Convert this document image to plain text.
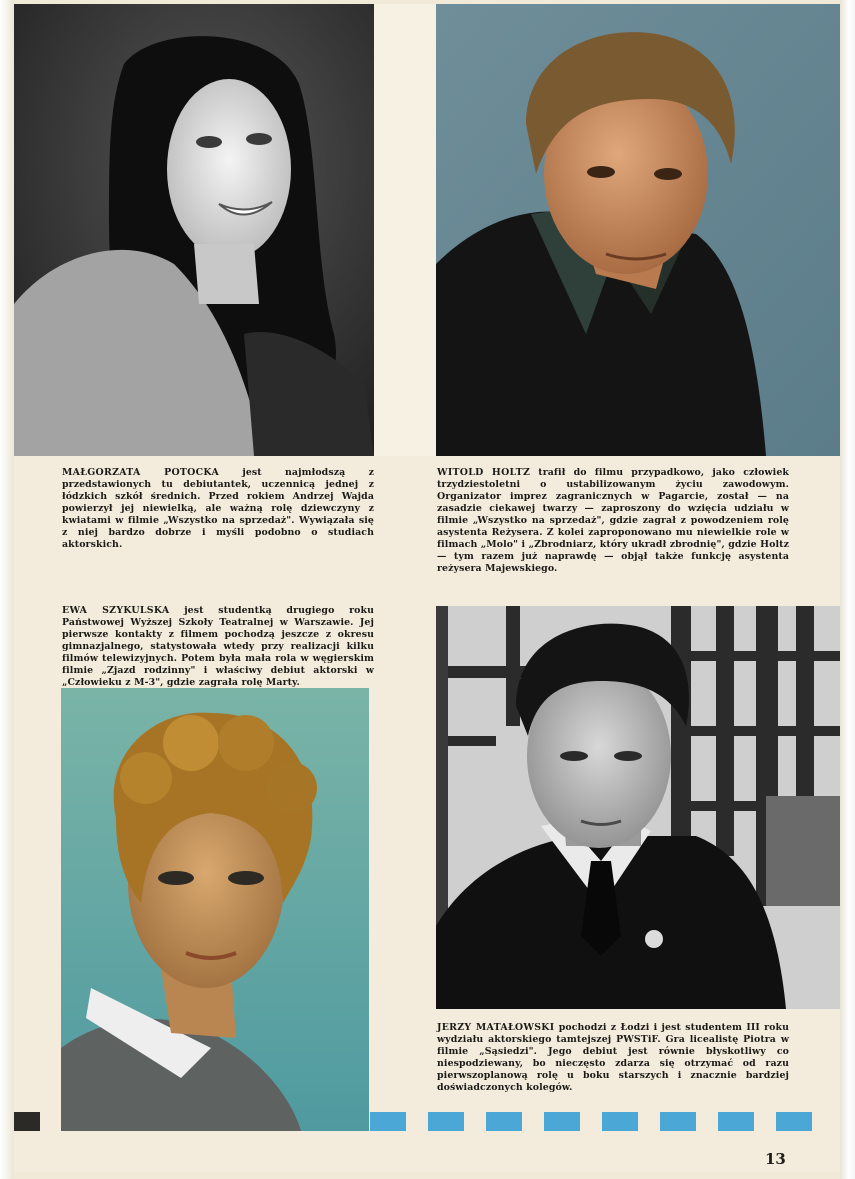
MAŁGORZATA POTOCKA jest najmłodszą z przedstawionych tu debiutantek, uczennicą jednej z łódzkich szkół średnich. Przed rokiem Andrzej Wajda powierzył jej niewielką, ale ważną rolę dziewczyny z kwiatami w filmie „Wszystko na sprzedaż". Wywiązała się z niej bardzo dobrze i myśli podobno o studiach aktorskich.

WITOLD HOLTZ trafił do filmu przypadkowo, jako człowiek trzydziestoletni o ustabilizowanym życiu zawodowym. Organizator imprez zagranicznych w Pagarcie, został — na zasadzie ciekawej twarzy — zaproszony do wzięcia udziału w filmie „Wszystko na sprzedaż", gdzie zagrał z powodzeniem rolę asystenta Reżysera. Z kolei zaproponowano mu niewielkie role w filmach „Molo" i „Zbrodniarz, który ukradł zbrodnię", gdzie Holtz — tym razem już naprawdę — objął także funkcję asystenta reżysera Majewskiego.

EWA SZYKULSKA jest studentką drugiego roku Państwowej Wyższej Szkoły Teatralnej w Warszawie. Jej pierwsze kontakty z filmem pochodzą jeszcze z okresu gimnazjalnego, statystowała wtedy przy realizacji kilku filmów telewizyjnych. Potem była mała rola w węgierskim filmie „Zjazd rodzinny" i właściwy debiut aktorski w „Człowieku z M-3", gdzie zagrała rolę Marty.

JERZY MATAŁOWSKI pochodzi z Łodzi i jest studentem III roku wydziału aktorskiego tamtejszej PWSTiF. Gra licealistę Piotra w filmie „Sąsiedzi". Jego debiut jest równie błyskotliwy co niespodziewany, bo nieczęsto zdarza się otrzymać od razu pierwszoplanową rolę u boku starszych i znacznie bardziej doświadczonych kolegów.

13
